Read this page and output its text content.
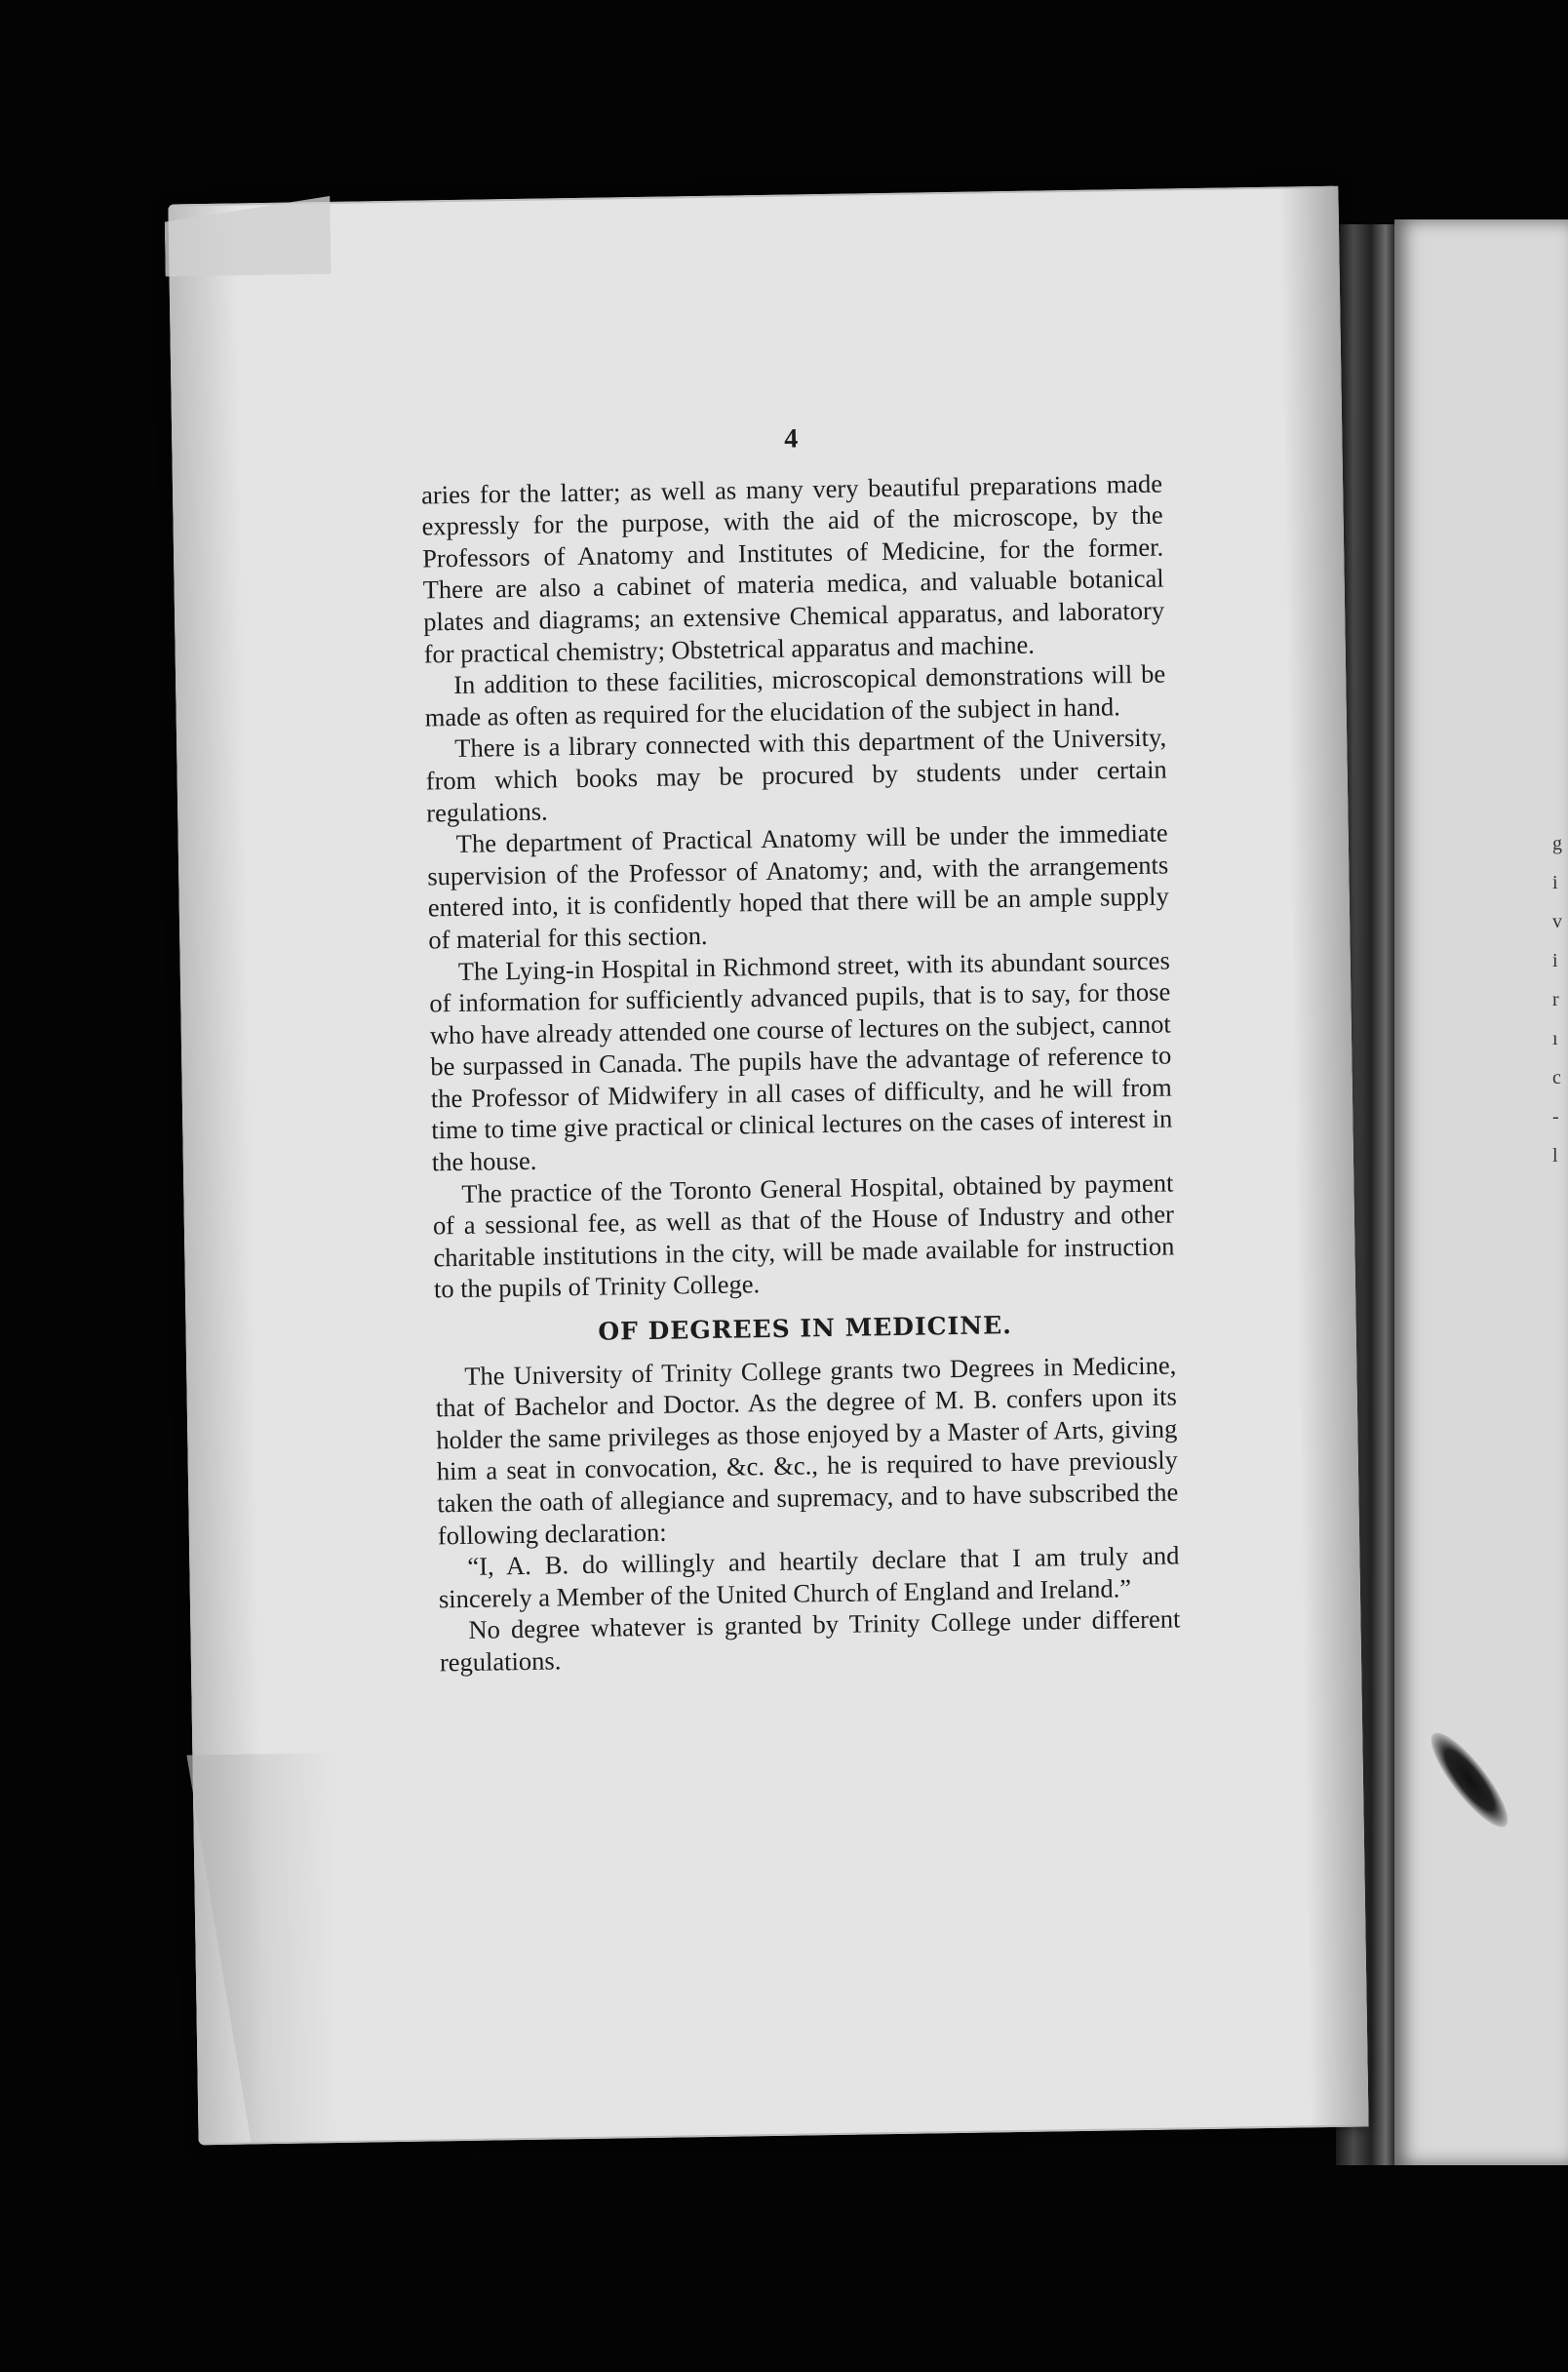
g
i
v
i
r
ı
c
-
l
4

aries for the latter; as well as many very beautiful preparations made expressly for the purpose, with the aid of the microscope, by the Professors of Anatomy and Institutes of Medicine, for the former. There are also a cabinet of materia medica, and valuable botanical plates and diagrams; an extensive Chemical apparatus, and laboratory for practical chemistry; Obstetrical apparatus and machine.

In addition to these facilities, microscopical demonstrations will be made as often as required for the elucidation of the subject in hand.

There is a library connected with this department of the University, from which books may be procured by students under certain regulations.

The department of Practical Anatomy will be under the immediate supervision of the Professor of Anatomy; and, with the arrangements entered into, it is confidently hoped that there will be an ample supply of material for this section.

The Lying-in Hospital in Richmond street, with its abundant sources of information for sufficiently advanced pupils, that is to say, for those who have already attended one course of lectures on the subject, cannot be surpassed in Canada. The pupils have the advantage of reference to the Professor of Midwifery in all cases of difficulty, and he will from time to time give practical or clinical lectures on the cases of interest in the house.

The practice of the Toronto General Hospital, obtained by payment of a sessional fee, as well as that of the House of Industry and other charitable institutions in the city, will be made available for instruction to the pupils of Trinity College.

OF DEGREES IN MEDICINE.

The University of Trinity College grants two Degrees in Medicine, that of Bachelor and Doctor. As the degree of M. B. confers upon its holder the same privileges as those enjoyed by a Master of Arts, giving him a seat in convocation, &c. &c., he is required to have previously taken the oath of allegiance and supremacy, and to have subscribed the following declaration:

“I, A. B. do willingly and heartily declare that I am truly and sincerely a Member of the United Church of England and Ireland.”

No degree whatever is granted by Trinity College under different regulations.
